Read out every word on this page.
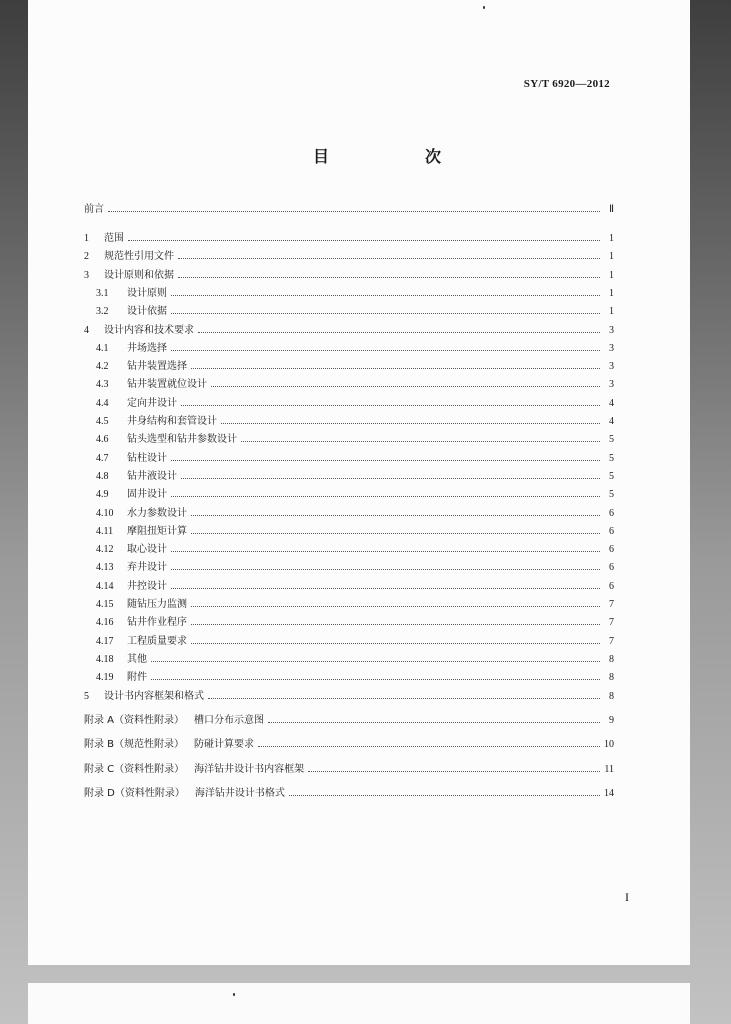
SY/T 6920—2012
目　次
前言	Ⅱ
1	范围	1
2	规范性引用文件	1
3	设计原则和依据	1
3.1	设计原则	1
3.2	设计依据	1
4	设计内容和技术要求	3
4.1	井场选择	3
4.2	钻井装置选择	3
4.3	钻井装置就位设计	3
4.4	定向井设计	4
4.5	井身结构和套管设计	4
4.6	钻头选型和钻井参数设计	5
4.7	钻柱设计	5
4.8	钻井液设计	5
4.9	固井设计	5
4.10	水力参数设计	6
4.11	摩阻扭矩计算	6
4.12	取心设计	6
4.13	弃井设计	6
4.14	井控设计	6
4.15	随钻压力监测	7
4.16	钻井作业程序	7
4.17	工程质量要求	7
4.18	其他	8
4.19	附件	8
5	设计书内容框架和格式	8
附录 A（资料性附录） 槽口分布示意图	9
附录 B（规范性附录） 防碰计算要求	10
附录 C（资料性附录） 海洋钻井设计书内容框架	11
附录 D（资料性附录） 海洋钻井设计书格式	14
I
